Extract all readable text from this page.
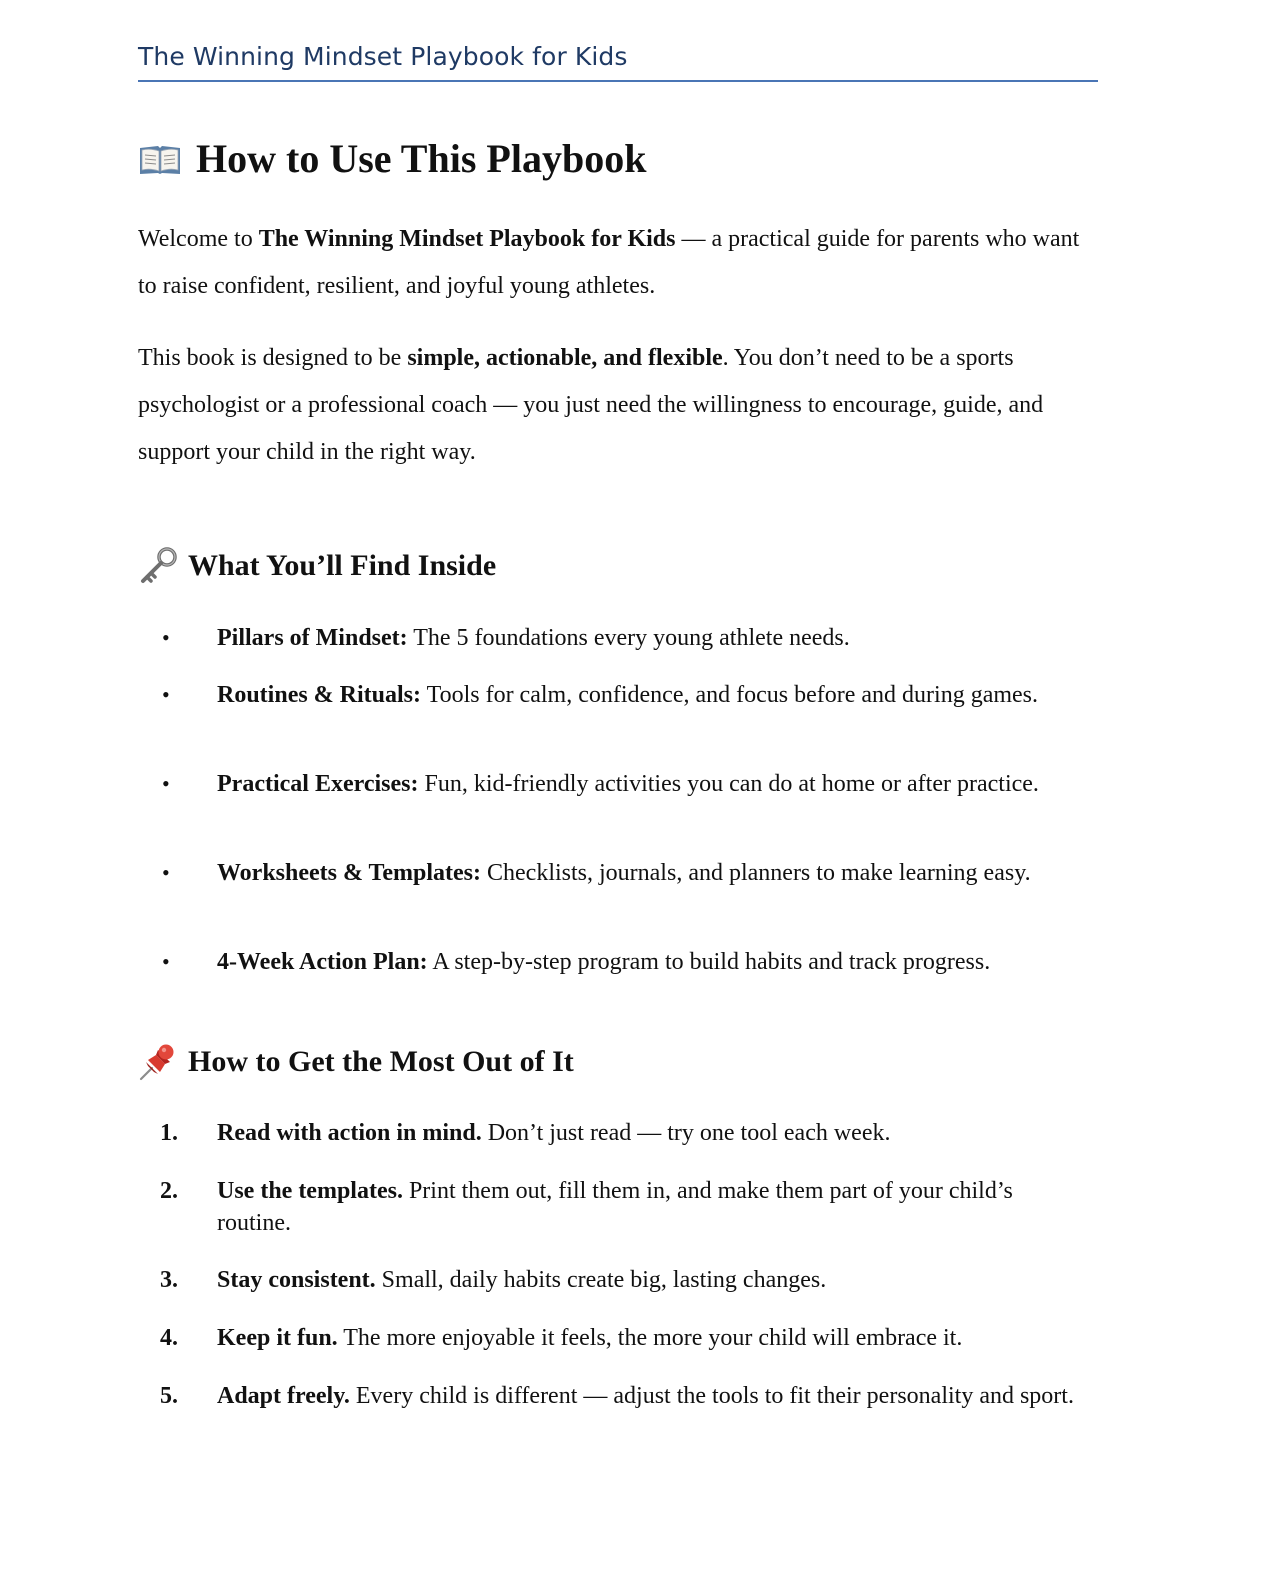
The Winning Mindset Playbook for Kids
How to Use This Playbook
Welcome to The Winning Mindset Playbook for Kids — a practical guide for parents who want to raise confident, resilient, and joyful young athletes.
This book is designed to be simple, actionable, and flexible. You don’t need to be a sports psychologist or a professional coach — you just need the willingness to encourage, guide, and support your child in the right way.
What You’ll Find Inside
• Pillars of Mindset: The 5 foundations every young athlete needs.
• Routines & Rituals: Tools for calm, confidence, and focus before and during games.
• Practical Exercises: Fun, kid-friendly activities you can do at home or after practice.
• Worksheets & Templates: Checklists, journals, and planners to make learning easy.
• 4-Week Action Plan: A step-by-step program to build habits and track progress.
How to Get the Most Out of It
1. Read with action in mind. Don’t just read — try one tool each week.
2. Use the templates. Print them out, fill them in, and make them part of your child’s routine.
3. Stay consistent. Small, daily habits create big, lasting changes.
4. Keep it fun. The more enjoyable it feels, the more your child will embrace it.
5. Adapt freely. Every child is different — adjust the tools to fit their personality and sport.
